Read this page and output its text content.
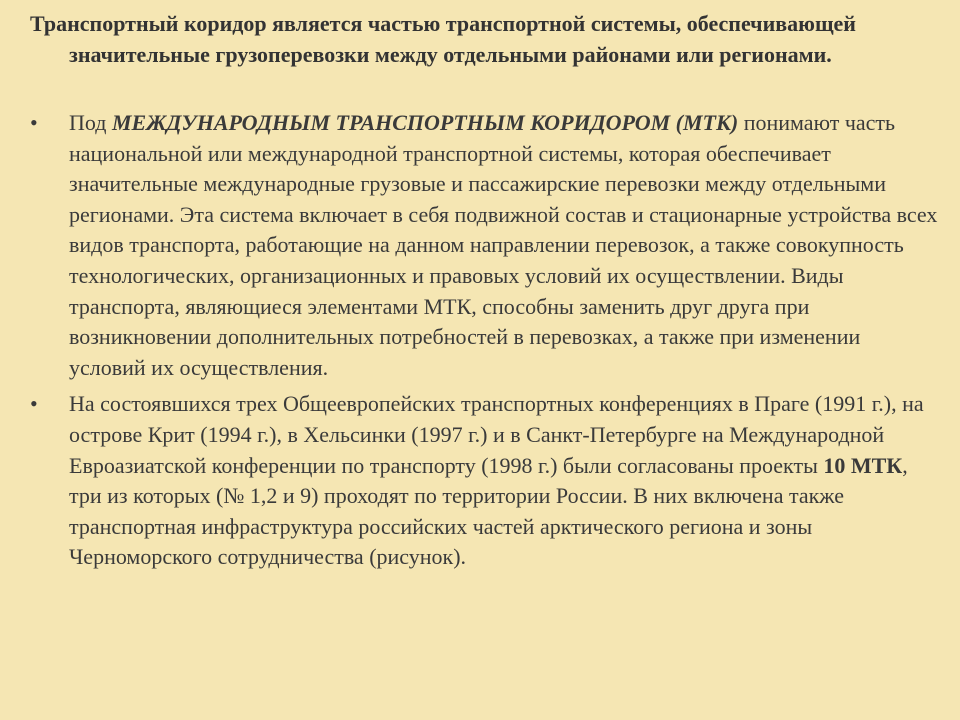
Транспортный коридор является частью транспортной системы, обеспечивающей значительные грузоперевозки между отдельными районами или регионами.

•	Под МЕЖДУНАРОДНЫМ ТРАНСПОРТНЫМ КОРИДОРОМ (МТК) понимают часть национальной или международной транспортной системы, которая обеспечивает значительные международные грузовые и пассажирские перевозки между отдельными регионами. Эта система включает в себя подвижной состав и стационарные устройства всех видов транспорта, работающие на данном направлении перевозок, а также совокупность технологических, организационных и правовых условий их осуществлении. Виды транспорта, являющиеся элементами МТК, способны заменить друг друга при возникновении дополнительных потребностей в перевозках, а также при изменении условий их осуществления.
•	На состоявшихся трех Общеевропейских транспортных конференциях в Праге (1991 г.), на острове Крит (1994 г.), в Хельсинки (1997 г.) и в Санкт-Петербурге на Международной Евроазиатской конференции по транспорту (1998 г.) были согласованы проекты 10 МТК, три из которых (№ 1,2 и 9) проходят по территории России. В них включена также транспортная инфраструктура российских частей арктического региона и зоны Черноморского сотрудничества (рисунок).
